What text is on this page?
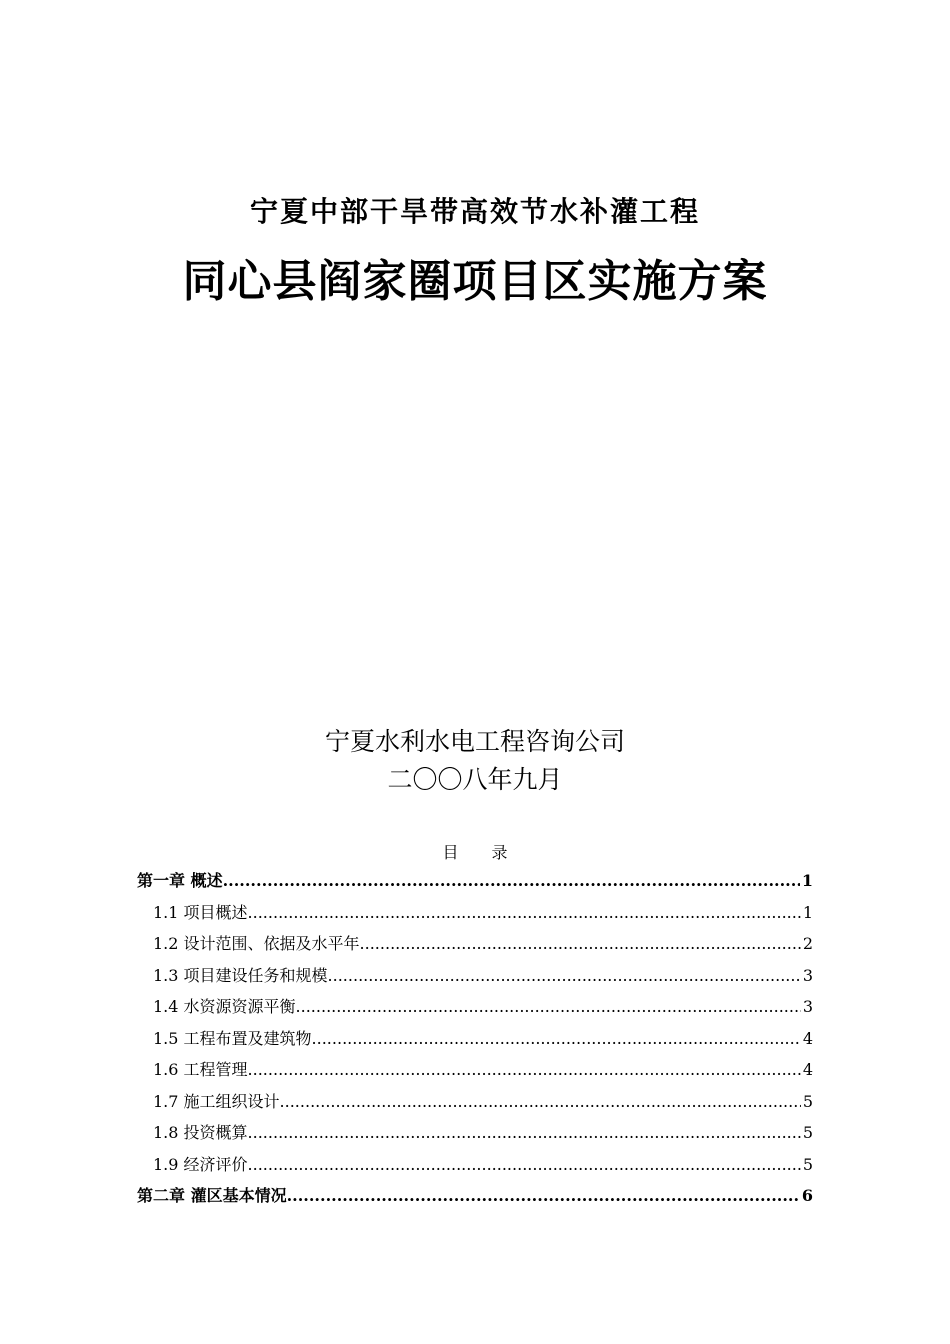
宁夏中部干旱带高效节水补灌工程
同心县阎家圈项目区实施方案
宁夏水利水电工程咨询公司
二〇〇八年九月
目 录
第一章 概述 .....	1
1.1 项目概述 .....	1
1.2 设计范围、依据及水平年 .....	2
1.3 项目建设任务和规模 .....	3
1.4 水资源资源平衡 .....	3
1.5 工程布置及建筑物 .....	4
1.6 工程管理 .....	4
1.7 施工组织设计 .....	5
1.8 投资概算 .....	5
1.9 经济评价 .....	5
第二章 灌区基本情况 .....	6
